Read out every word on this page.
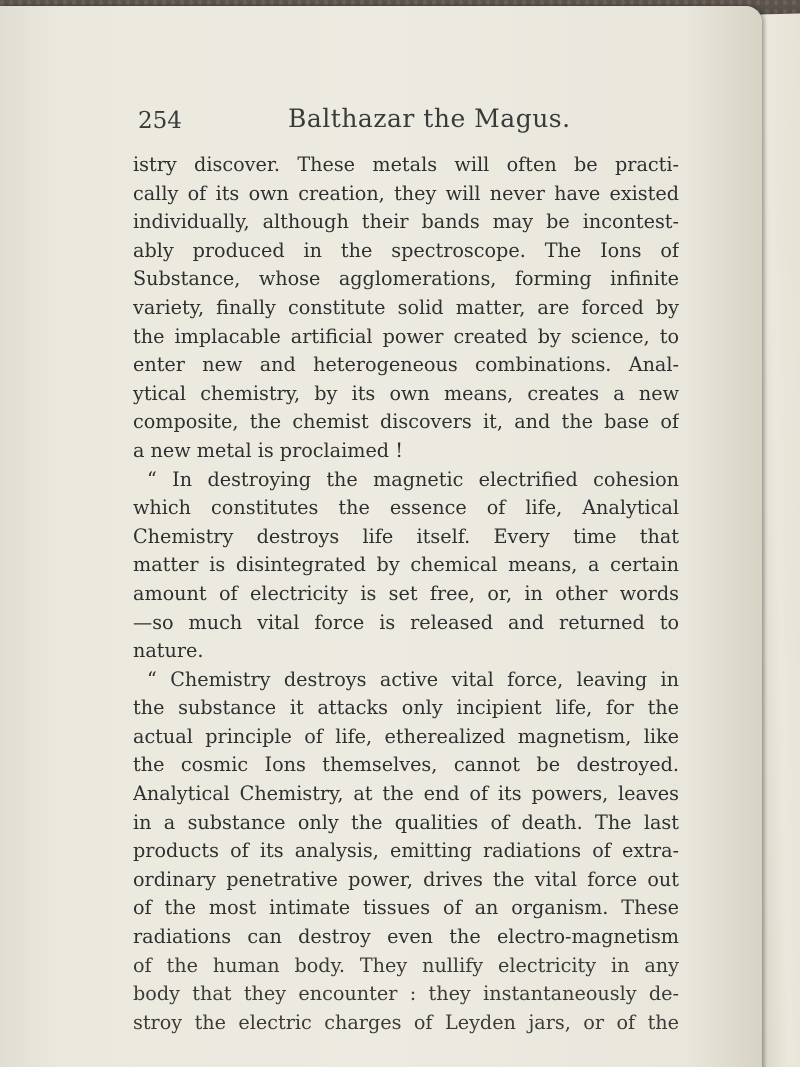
254	Balthazar the Magus.
istry discover. These metals will often be practi-
cally of its own creation, they will never have existed
individually, although their bands may be incontest-
ably produced in the spectroscope. The Ions of
Substance, whose agglomerations, forming infinite
variety, finally constitute solid matter, are forced by
the implacable artificial power created by science, to
enter new and heterogeneous combinations. Anal-
ytical chemistry, by its own means, creates a new
composite, the chemist discovers it, and the base of
a new metal is proclaimed !
“ In destroying the magnetic electrified cohesion
which constitutes the essence of life, Analytical
Chemistry destroys life itself. Every time that
matter is disintegrated by chemical means, a certain
amount of electricity is set free, or, in other words
—so much vital force is released and returned to
nature.
“ Chemistry destroys active vital force, leaving in
the substance it attacks only incipient life, for the
actual principle of life, etherealized magnetism, like
the cosmic Ions themselves, cannot be destroyed.
Analytical Chemistry, at the end of its powers, leaves
in a substance only the qualities of death. The last
products of its analysis, emitting radiations of extra-
ordinary penetrative power, drives the vital force out
of the most intimate tissues of an organism. These
radiations can destroy even the electro-magnetism
of the human body. They nullify electricity in any
body that they encounter : they instantaneously de-
stroy the electric charges of Leyden jars, or of the
